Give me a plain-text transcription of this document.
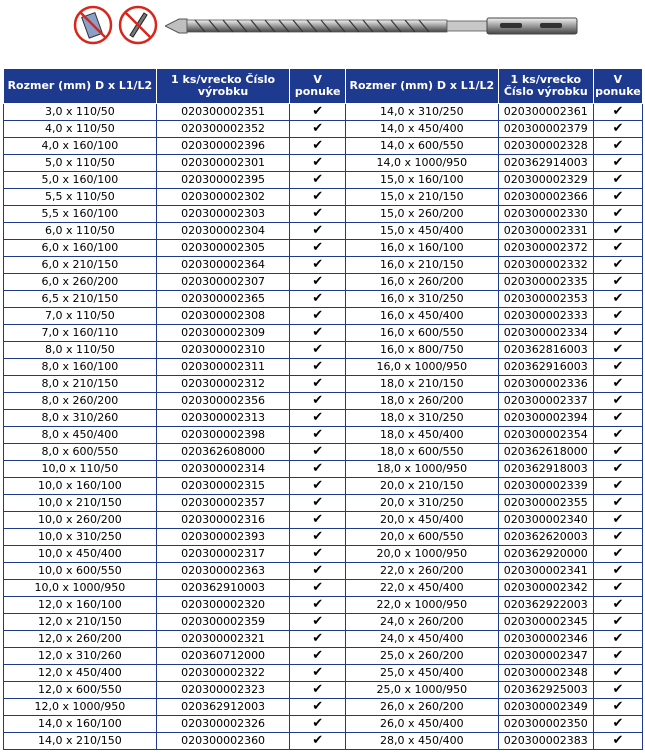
Rozmer (mm) D x L1/L2	1 ks/vrecko Číslo výrobku	V ponuke	Rozmer (mm) D x L1/L2	1 ks/vrecko Číslo výrobku	V ponuke
3,0 x 110/50	020300002351	✔	14,0 x 310/250	020300002361	✔
4,0 x 110/50	020300002352	✔	14,0 x 450/400	020300002379	✔
4,0 x 160/100	020300002396	✔	14,0 x 600/550	020300002328	✔
5,0 x 110/50	020300002301	✔	14,0 x 1000/950	020362914003	✔
5,0 x 160/100	020300002395	✔	15,0 x 160/100	020300002329	✔
5,5 x 110/50	020300002302	✔	15,0 x 210/150	020300002366	✔
5,5 x 160/100	020300002303	✔	15,0 x 260/200	020300002330	✔
6,0 x 110/50	020300002304	✔	15,0 x 450/400	020300002331	✔
6,0 x 160/100	020300002305	✔	16,0 x 160/100	020300002372	✔
6,0 x 210/150	020300002364	✔	16,0 x 210/150	020300002332	✔
6,0 x 260/200	020300002307	✔	16,0 x 260/200	020300002335	✔
6,5 x 210/150	020300002365	✔	16,0 x 310/250	020300002353	✔
7,0 x 110/50	020300002308	✔	16,0 x 450/400	020300002333	✔
7,0 x 160/110	020300002309	✔	16,0 x 600/550	020300002334	✔
8,0 x 110/50	020300002310	✔	16,0 x 800/750	020362816003	✔
8,0 x 160/100	020300002311	✔	16,0 x 1000/950	020362916003	✔
8,0 x 210/150	020300002312	✔	18,0 x 210/150	020300002336	✔
8,0 x 260/200	020300002356	✔	18,0 x 260/200	020300002337	✔
8,0 x 310/260	020300002313	✔	18,0 x 310/250	020300002394	✔
8,0 x 450/400	020300002398	✔	18,0 x 450/400	020300002354	✔
8,0 x 600/550	020362608000	✔	18,0 x 600/550	020362618000	✔
10,0 x 110/50	020300002314	✔	18,0 x 1000/950	020362918003	✔
10,0 x 160/100	020300002315	✔	20,0 x 210/150	020300002339	✔
10,0 x 210/150	020300002357	✔	20,0 x 310/250	020300002355	✔
10,0 x 260/200	020300002316	✔	20,0 x 450/400	020300002340	✔
10,0 x 310/250	020300002393	✔	20,0 x 600/550	020362620003	✔
10,0 x 450/400	020300002317	✔	20,0 x 1000/950	020362920000	✔
10,0 x 600/550	020300002363	✔	22,0 x 260/200	020300002341	✔
10,0 x 1000/950	020362910003	✔	22,0 x 450/400	020300002342	✔
12,0 x 160/100	020300002320	✔	22,0 x 1000/950	020362922003	✔
12,0 x 210/150	020300002359	✔	24,0 x 260/200	020300002345	✔
12,0 x 260/200	020300002321	✔	24,0 x 450/400	020300002346	✔
12,0 x 310/260	020360712000	✔	25,0 x 260/200	020300002347	✔
12,0 x 450/400	020300002322	✔	25,0 x 450/400	020300002348	✔
12,0 x 600/550	020300002323	✔	25,0 x 1000/950	020362925003	✔
12,0 x 1000/950	020362912003	✔	26,0 x 260/200	020300002349	✔
14,0 x 160/100	020300002326	✔	26,0 x 450/400	020300002350	✔
14,0 x 210/150	020300002360	✔	28,0 x 450/400	020300002383	✔
